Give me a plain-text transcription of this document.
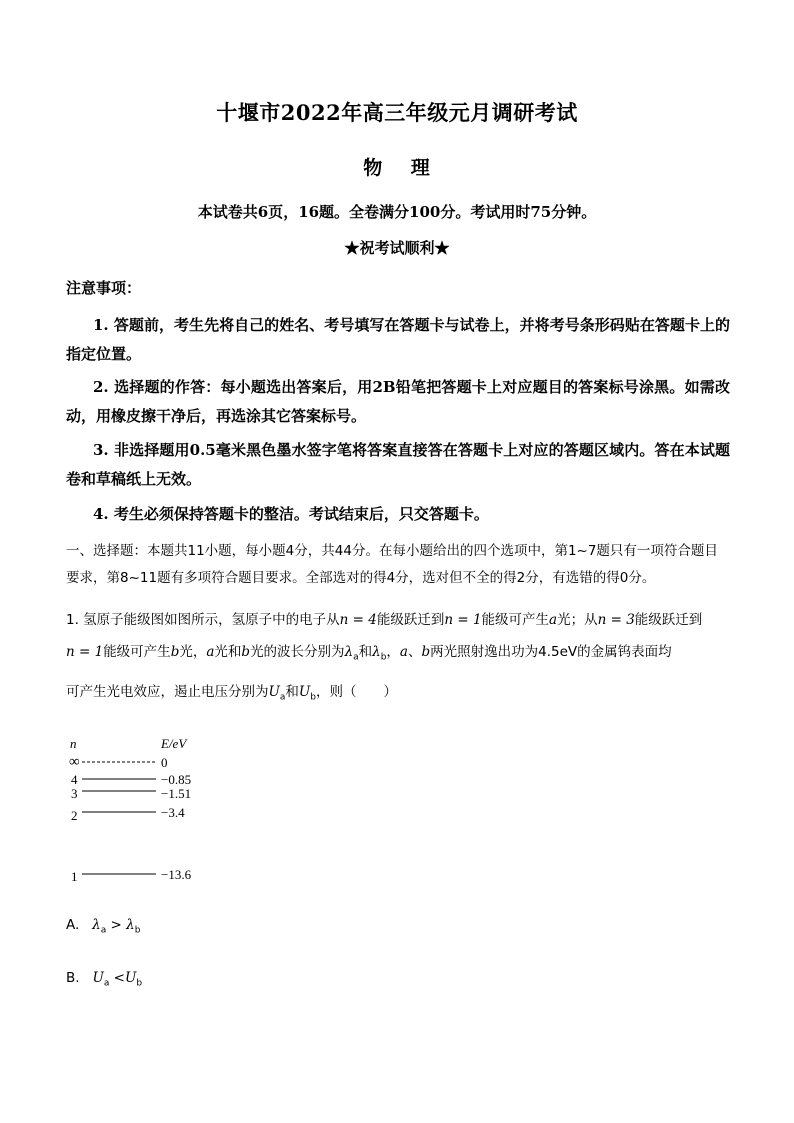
十堰市2022年高三年级元月调研考试
物 理
本试卷共6页，16题。全卷满分100分。考试用时75分钟。
★祝考试顺利★
注意事项：
1. 答题前，考生先将自己的姓名、考号填写在答题卡与试卷上，并将考号条形码贴在答题卡上的指定位置。
2. 选择题的作答：每小题选出答案后，用2B铅笔把答题卡上对应题目的答案标号涂黑。如需改动，用橡皮擦干净后，再选涂其它答案标号。
3. 非选择题用0.5毫米黑色墨水签字笔将答案直接答在答题卡上对应的答题区域内。答在本试题卷和草稿纸上无效。
4. 考生必须保持答题卡的整洁。考试结束后，只交答题卡。
一、选择题：本题共11小题，每小题4分，共44分。在每小题给出的四个选项中，第1~7题只有一项符合题目要求，第8~11题有多项符合题目要求。全部选对的得4分，选对但不全的得2分，有选错的得0分。
1. 氢原子能级图如图所示，氢原子中的电子从n = 4能级跃迁到n = 1能级可产生a光；从n = 3能级跃迁到
n = 1能级可产生b光，a光和b光的波长分别为$\lambda_a$和$\lambda_b$，a、b两光照射逸出功为4.5eV的金属钨表面均
可产生光电效应，遏止电压分别为$U_a$和$U_b$，则（　　）
n	E/eV
∞	0
4	−0.85
3	−1.51
2	−3.4
1	−13.6
A. $\lambda_a > \lambda_b$
B. $U_a <U_b$
